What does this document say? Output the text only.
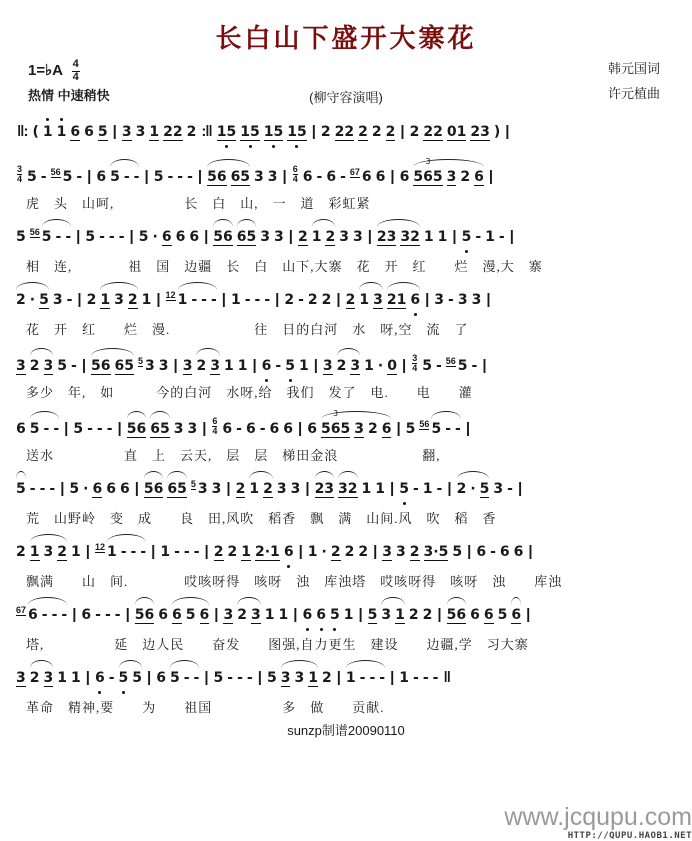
长白山下盛开大寨花
1=♭A $\frac{4}{4}$
热情 中速稍快	(柳守容演唱)
韩元国词
许元植曲
‖: ( 1 1 6 6 5 | 3 3 1 22 2 :‖ 15 15 15 15 | 2 22 2 2 2 | 2 22 01 23 ) |
$\frac{3}{4} 5 - 56$ 5 - | 6 5 - - | 5 - - - | 56 65 3 3 | $\frac{6}{4} 6 - 6 - 67$ 6 6 | 6 3 565 3 2 6 |
虎　头　山呵,　　　　　长　白　山,　一　道　彩虹紧
5 56 5 - - | 5 - - - | 5 · 6 6 6 | 56 65 3 3 | 2 1 2 3 3 | 23 32 1 1 | 5 - 1 - |
相　连,　　　　祖　国　边疆　长　白　山下,大寨　花　开　红　　烂　漫,大　寨
2 · 5 3 - | 2 1 3 2 1 | 12 1 - - - | 1 - - - | 2 - 2 2 | 2 1 3 21 6 | 3 - 3 3 |
花　开　红　　烂　漫.　　　　　　往　日的白河　水　呀,空　流　了
3 2 3 5 - | 56 65 5 3 3 | 3 2 3 1 1 | 6 - 5 1 | 3 2 3 1 · 0 | $\frac{3}{4} 5 - 56$ 5 - |
多少　年,　如　　　今的白河　水呀,给　我们　发了　电.　　电　　灌
6 5 - - | 5 - - - | 56 65 3 3 | $\frac{6}{4} 6 - 6 - 6$ 6 | 6 3 565 3 2 6 | 5 56 5 - - |
送水　　　　　直　上　云天,　层　层　梯田金浪　　　　　　翻,
5 - - - | 5 · 6 6 6 | 56 65 5 3 3 | 2 1 2 3 3 | 23 32 1 1 | 5 - 1 - | 2 · 5 3 - |
荒　山野岭　变　成　　良　田,风吹　稻香　飘　满　山间.风　吹　稻　香
2 1 3 2 1 | 12 1 - - - | 1 - - - | 2 2 1 2·1 6 | 1 · 2 2 2 | 3 3 2 3·5 5 | 6 - 6 6 |
飘满　　山　间.　　　　哎咳呀得　咳呀　浊　库浊塔　哎咳呀得　咳呀　浊　　库浊
67 6 - - - | 6 - - - | 56 6 6 5 6 | 3 2 3 1 1 | 6 6 5 1 | 5 3 1 2 2 | 56 6 6 5 6 |
塔,　　　　　延　边人民　　奋发　　图强,自力更生　建设　　边疆,学　习大寨
3 2 3 1 1 | 6 - 5 5 | 6 5 - - | 5 - - - | 5 3 3 1 2 | 1 - - - | 1 - - - ‖
革命　精神,要　　为　　祖国　　　　　多　做　　贡献.
sunzp制谱20090110
www.jcqupu.com
HTTP://QUPU.HAOB1.NET
